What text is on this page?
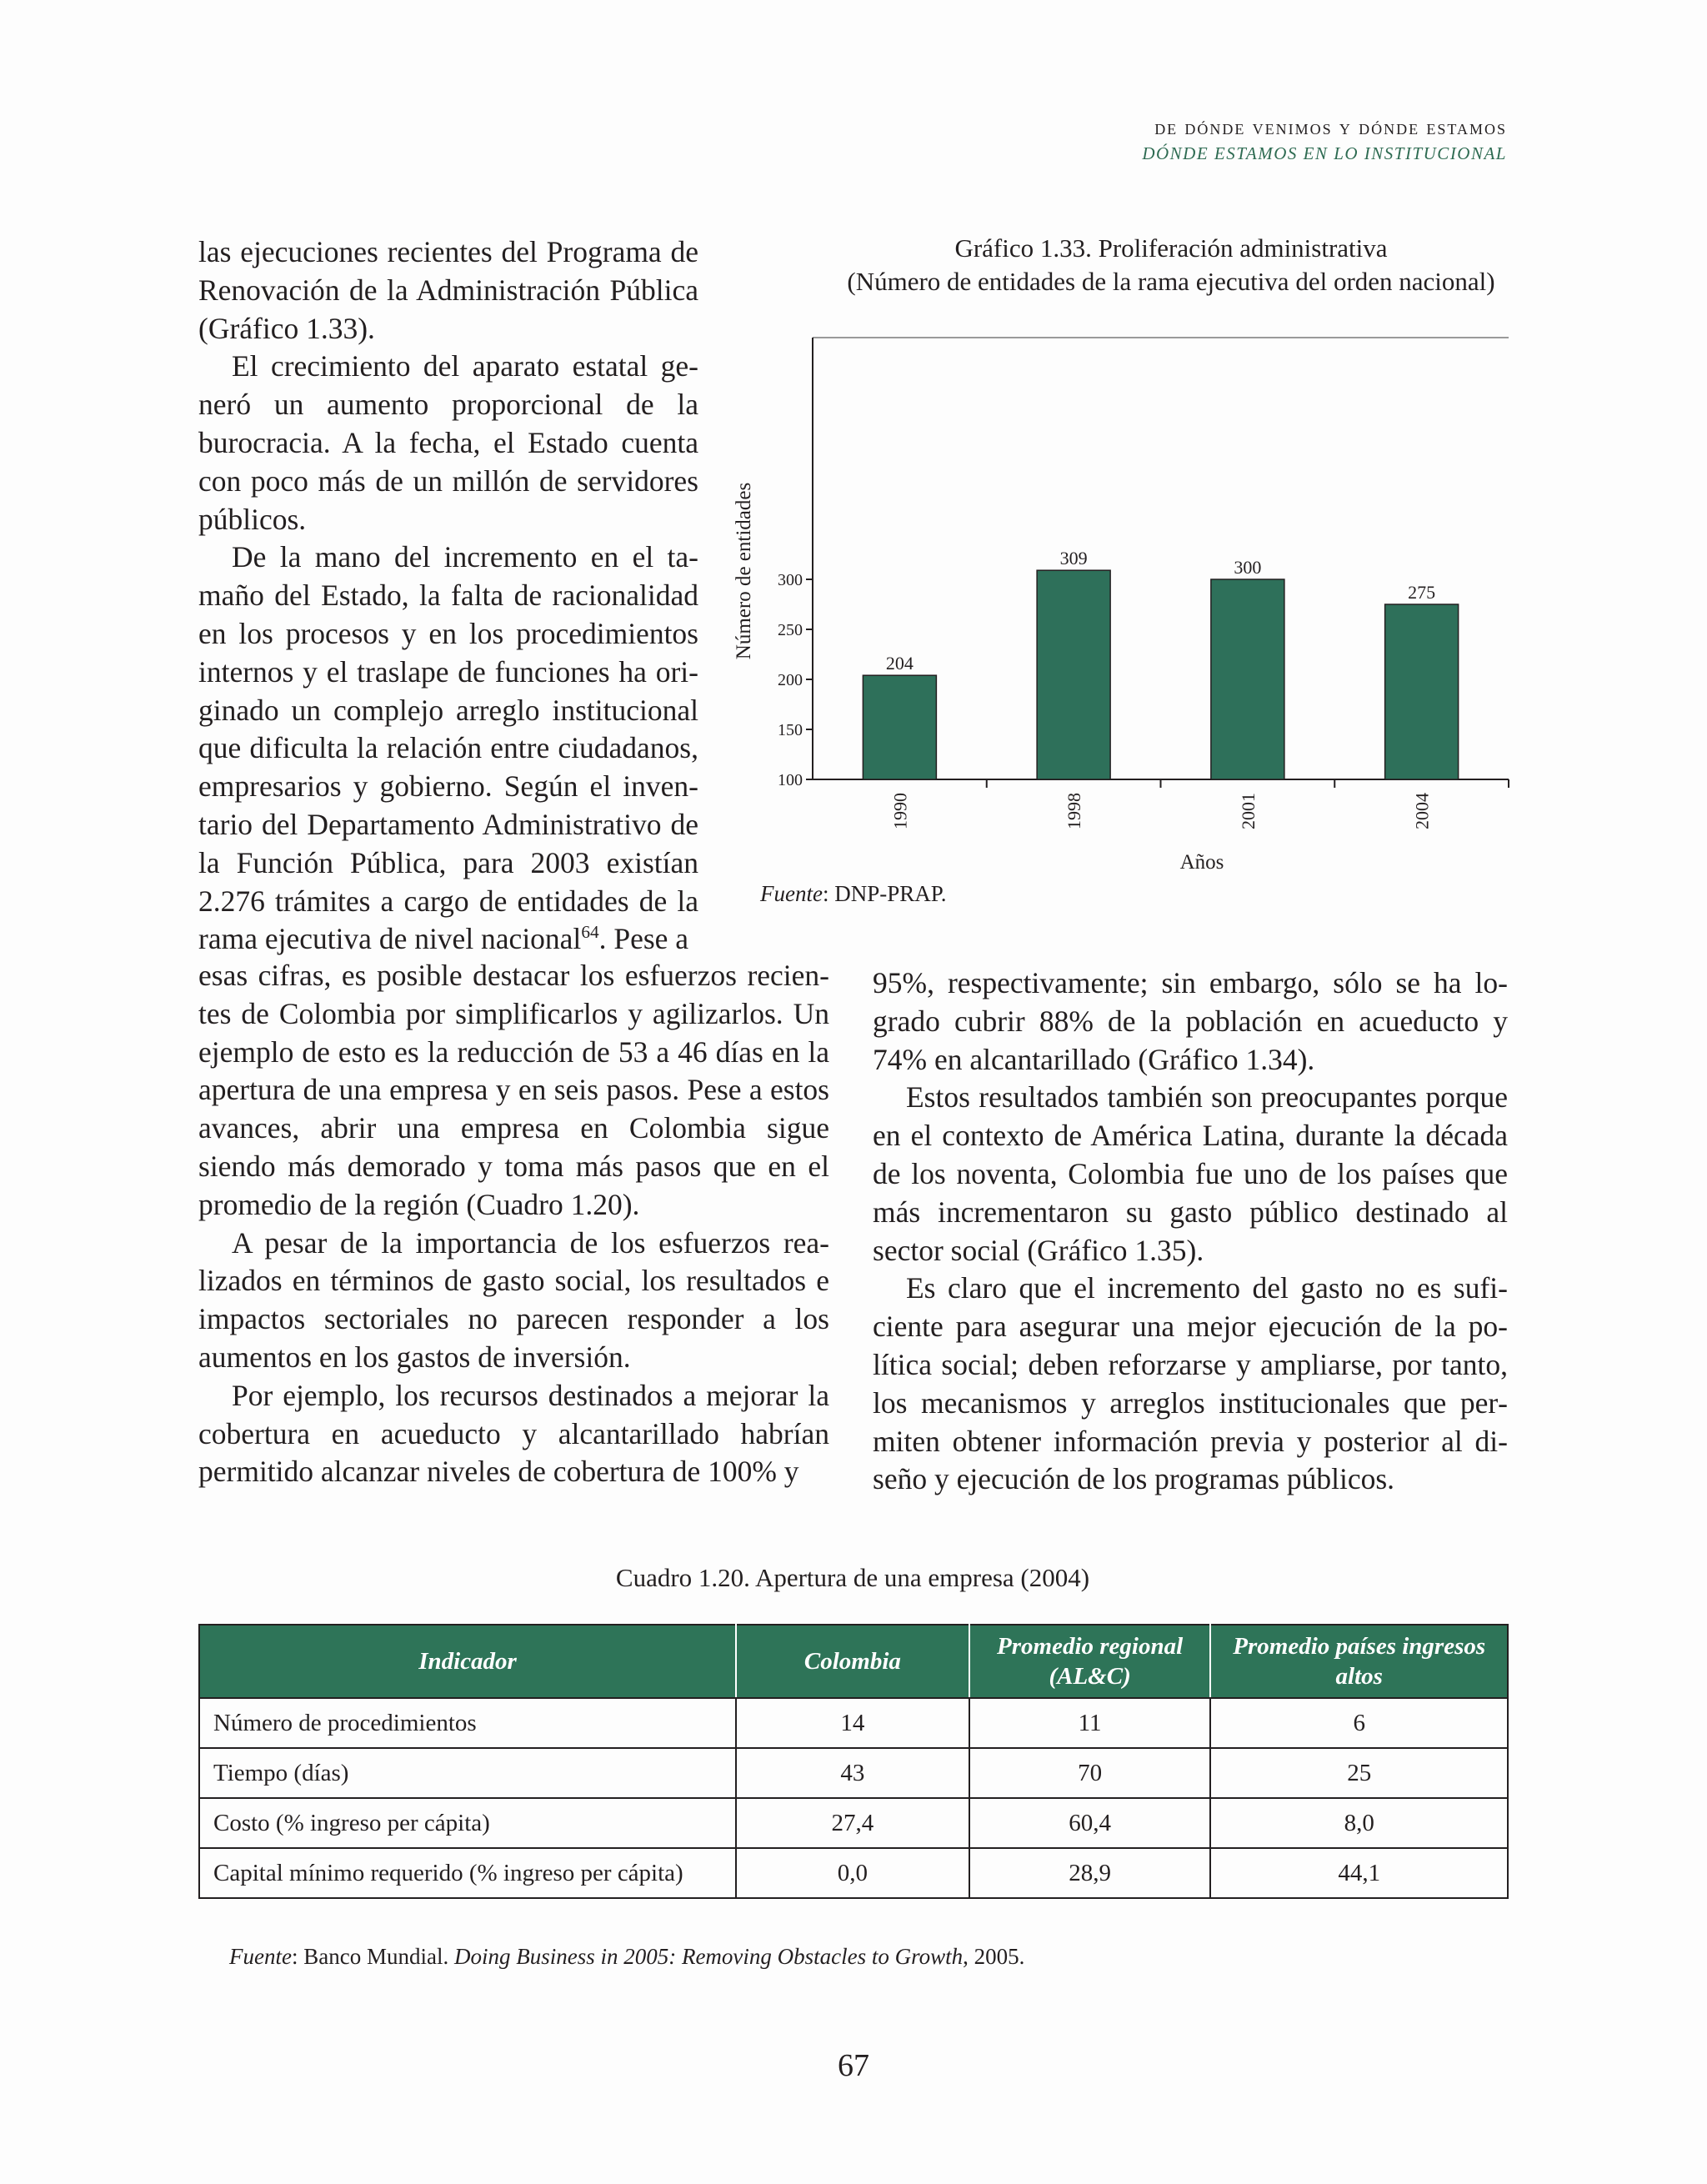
de dónde venimos y dónde estamos
DÓNDE ESTAMOS EN LO INSTITUCIONAL

las ejecuciones recientes del Programa de Renovación de la Administración Pública (Gráfico 1.33).

El crecimiento del aparato estatal generó un aumento proporcional de la burocracia. A la fecha, el Estado cuenta con poco más de un millón de servidores públicos.

De la mano del incremento en el tamaño del Estado, la falta de racionalidad en los procesos y en los procedimientos internos y el traslape de funciones ha originado un complejo arreglo institucional que dificulta la relación entre ciudadanos, empresarios y gobierno. Según el inventario del Departamento Administrativo de la Función Pública, para 2003 existían 2.276 trámites a cargo de entidades de la rama ejecutiva de nivel nacional$^{64}$. Pese a

Gráfico 1.33. Proliferación administrativa
(Número de entidades de la rama ejecutiva del orden nacional)
Número de entidades
Años
100
150
200
250
300
204
1990
309
1998
300
2001
275
2004
Fuente: DNP-PRAP.

esas cifras, es posible destacar los esfuerzos recientes de Colombia por simplificarlos y agilizarlos. Un ejemplo de esto es la reducción de 53 a 46 días en la apertura de una empresa y en seis pasos. Pese a estos avances, abrir una empresa en Colombia sigue siendo más demorado y toma más pasos que en el promedio de la región (Cuadro 1.20).

A pesar de la importancia de los esfuerzos realizados en términos de gasto social, los resultados e impactos sectoriales no parecen responder a los aumentos en los gastos de inversión.

Por ejemplo, los recursos destinados a mejorar la cobertura en acueducto y alcantarillado habrían permitido alcanzar niveles de cobertura de 100% y

95%, respectivamente; sin embargo, sólo se ha logrado cubrir 88% de la población en acueducto y 74% en alcantarillado (Gráfico 1.34).

Estos resultados también son preocupantes porque en el contexto de América Latina, durante la década de los noventa, Colombia fue uno de los países que más incrementaron su gasto público destinado al sector social (Gráfico 1.35).

Es claro que el incremento del gasto no es suficiente para asegurar una mejor ejecución de la política social; deben reforzarse y ampliarse, por tanto, los mecanismos y arreglos institucionales que permiten obtener información previa y posterior al diseño y ejecución de los programas públicos.

Cuadro 1.20. Apertura de una empresa (2004)
Indicador	Colombia	Promedio regional (AL&C)	Promedio países ingresos altos
Número de procedimientos	14	11	6
Tiempo (días)	43	70	25
Costo (% ingreso per cápita)	27,4	60,4	8,0
Capital mínimo requerido (% ingreso per cápita)	0,0	28,9	44,1
Fuente: Banco Mundial. Doing Business in 2005: Removing Obstacles to Growth, 2005.
67
